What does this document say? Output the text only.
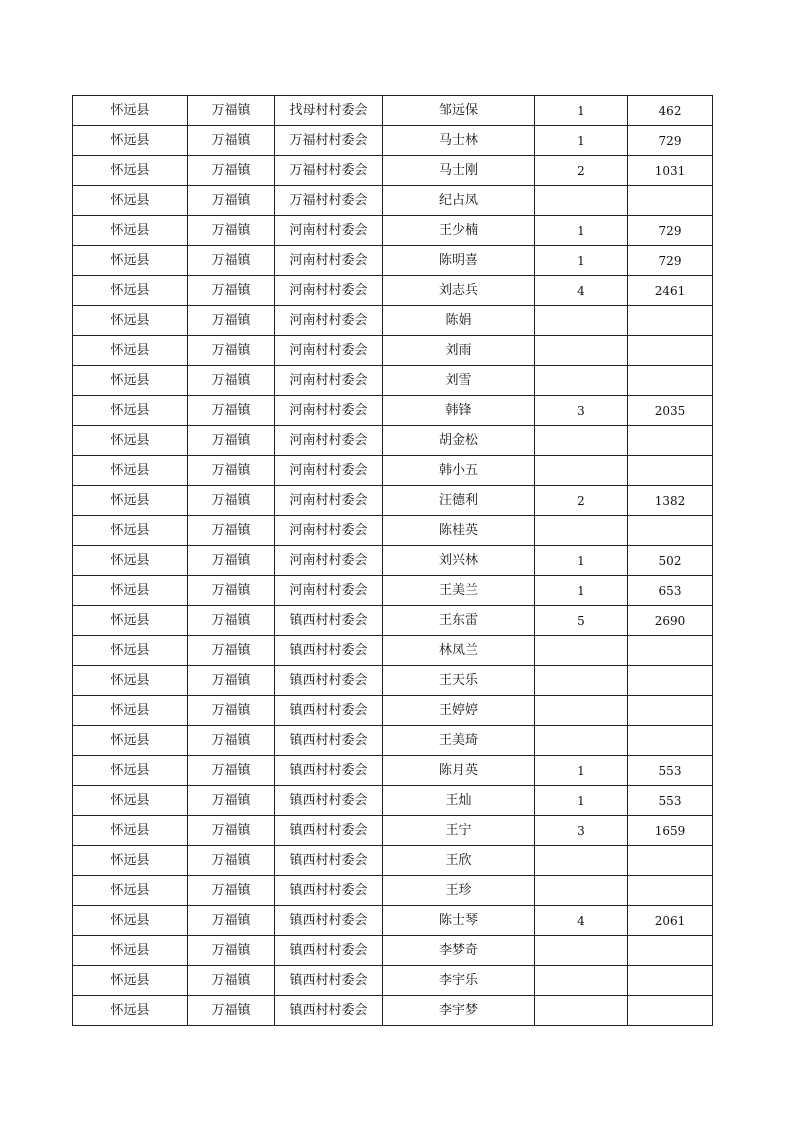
怀远县	万福镇	找母村村委会	邹远保	1	462
怀远县	万福镇	万福村村委会	马士林	1	729
怀远县	万福镇	万福村村委会	马士刚	2	1031
怀远县	万福镇	万福村村委会	纪占凤		
怀远县	万福镇	河南村村委会	王少楠	1	729
怀远县	万福镇	河南村村委会	陈明喜	1	729
怀远县	万福镇	河南村村委会	刘志兵	4	2461
怀远县	万福镇	河南村村委会	陈娟		
怀远县	万福镇	河南村村委会	刘雨		
怀远县	万福镇	河南村村委会	刘雪		
怀远县	万福镇	河南村村委会	韩锋	3	2035
怀远县	万福镇	河南村村委会	胡金松		
怀远县	万福镇	河南村村委会	韩小五		
怀远县	万福镇	河南村村委会	汪德利	2	1382
怀远县	万福镇	河南村村委会	陈桂英		
怀远县	万福镇	河南村村委会	刘兴林	1	502
怀远县	万福镇	河南村村委会	王美兰	1	653
怀远县	万福镇	镇西村村委会	王东雷	5	2690
怀远县	万福镇	镇西村村委会	林凤兰		
怀远县	万福镇	镇西村村委会	王天乐		
怀远县	万福镇	镇西村村委会	王婷婷		
怀远县	万福镇	镇西村村委会	王美琦		
怀远县	万福镇	镇西村村委会	陈月英	1	553
怀远县	万福镇	镇西村村委会	王灿	1	553
怀远县	万福镇	镇西村村委会	王宁	3	1659
怀远县	万福镇	镇西村村委会	王欣		
怀远县	万福镇	镇西村村委会	王珍		
怀远县	万福镇	镇西村村委会	陈士琴	4	2061
怀远县	万福镇	镇西村村委会	李梦奇		
怀远县	万福镇	镇西村村委会	李宇乐		
怀远县	万福镇	镇西村村委会	李宇梦		
